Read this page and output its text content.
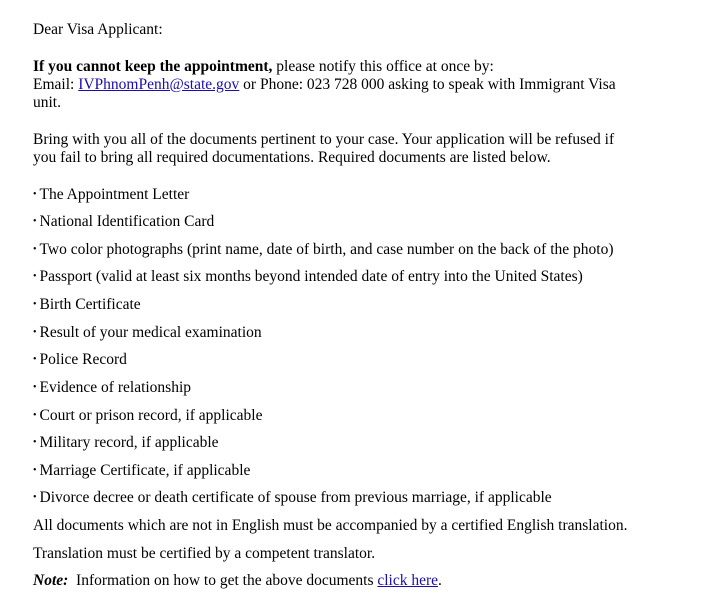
Dear Visa Applicant:
If you cannot keep the appointment, please notify this office at once by:
Email: IVPhnomPenh@state.gov or Phone: 023 728 000 asking to speak with Immigrant Visa
unit.
Bring with you all of the documents pertinent to your case. Your application will be refused if
you fail to bring all required documentations. Required documents are listed below.
• The Appointment Letter
• National Identification Card
• Two color photographs (print name, date of birth, and case number on the back of the photo)
• Passport (valid at least six months beyond intended date of entry into the United States)
• Birth Certificate
• Result of your medical examination
• Police Record
• Evidence of relationship
• Court or prison record, if applicable
• Military record, if applicable
• Marriage Certificate, if applicable
• Divorce decree or death certificate of spouse from previous marriage, if applicable
All documents which are not in English must be accompanied by a certified English translation.
Translation must be certified by a competent translator.
Note:  Information on how to get the above documents click here.
